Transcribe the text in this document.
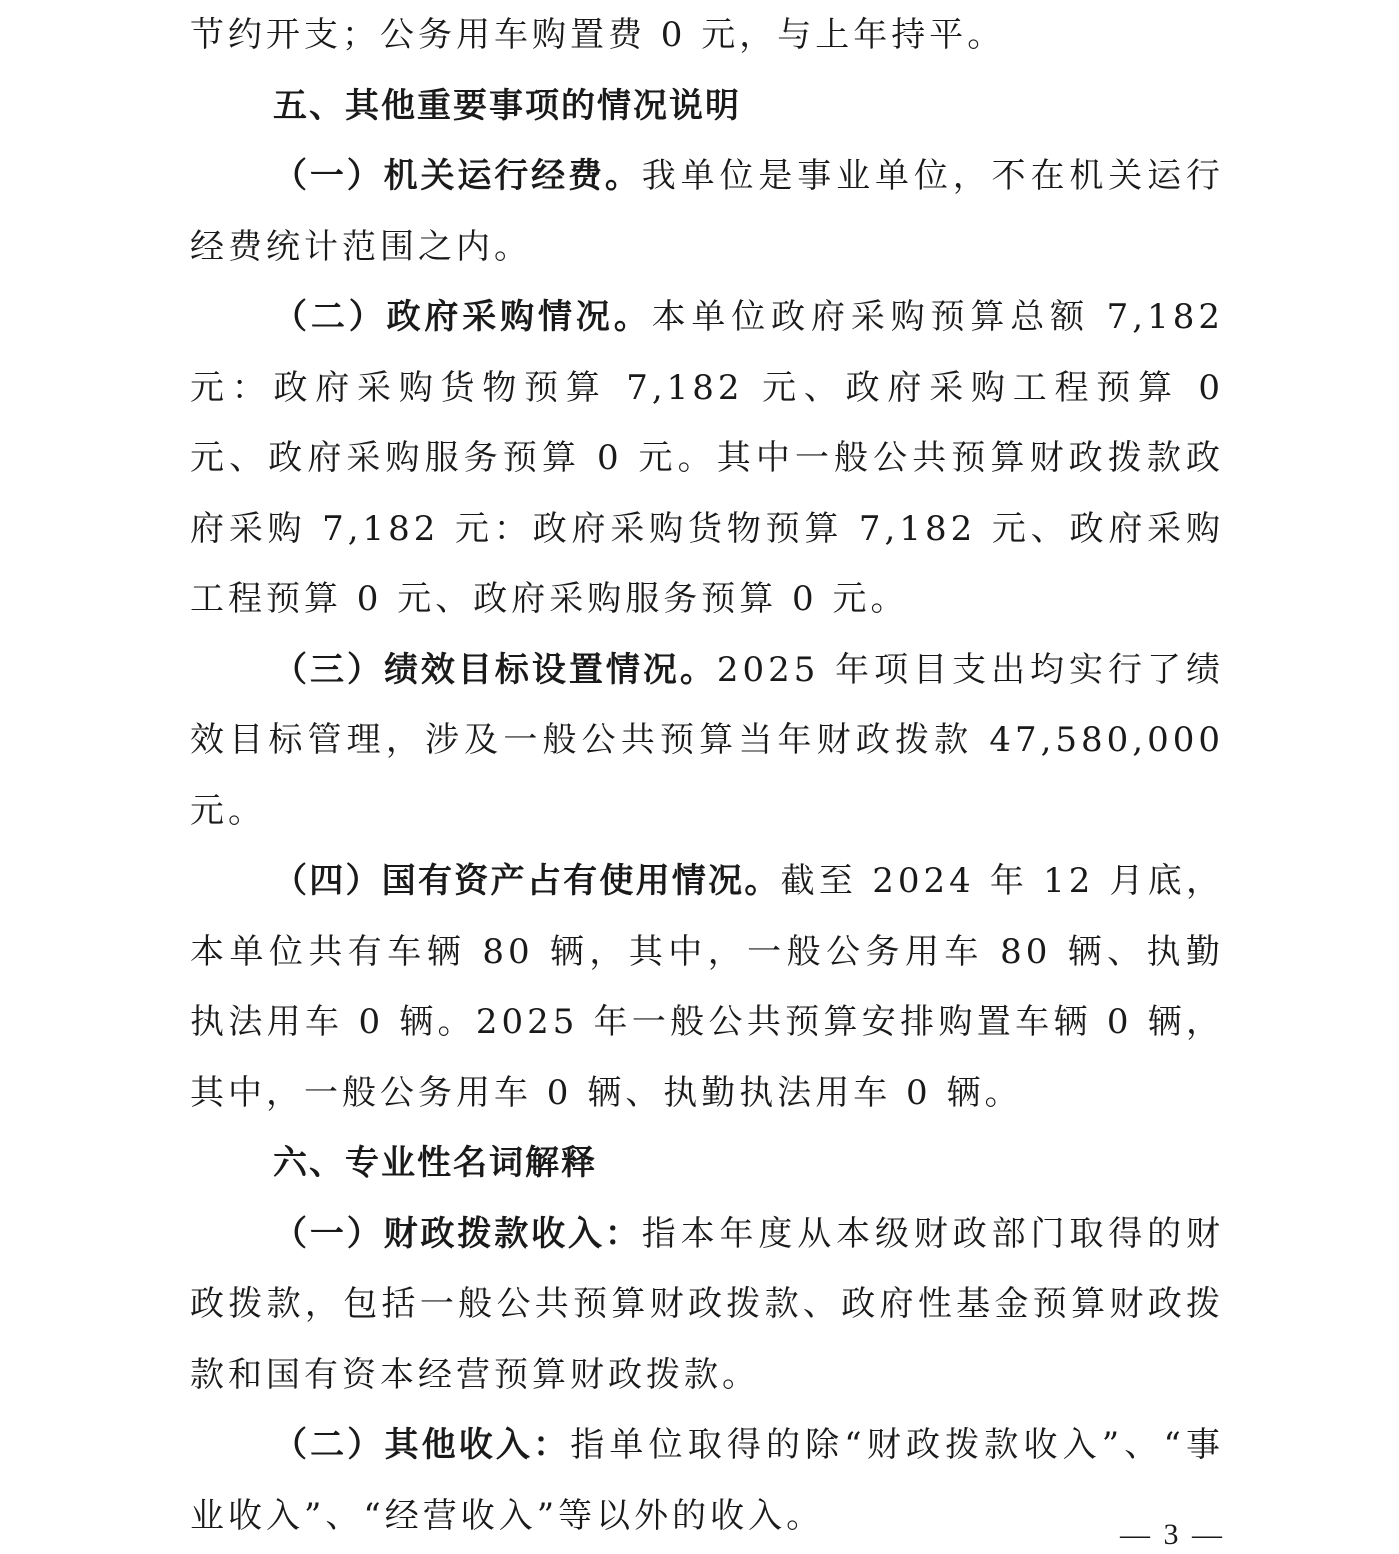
节约开支；公务用车购置费 0 元，与上年持平。

五、其他重要事项的情况说明

（一）机关运行经费。我单位是事业单位，不在机关运行经费统计范围之内。

（二）政府采购情况。本单位政府采购预算总额 7,182 元：政府采购货物预算 7,182 元、政府采购工程预算 0 元、政府采购服务预算 0 元。其中一般公共预算财政拨款政府采购 7,182 元：政府采购货物预算 7,182 元、政府采购工程预算 0 元、政府采购服务预算 0 元。

（三）绩效目标设置情况。2025 年项目支出均实行了绩效目标管理，涉及一般公共预算当年财政拨款 47,580,000 元。

（四）国有资产占有使用情况。截至 2024 年 12 月底，本单位共有车辆 80 辆，其中，一般公务用车 80 辆、执勤执法用车 0 辆。2025 年一般公共预算安排购置车辆 0 辆，其中，一般公务用车 0 辆、执勤执法用车 0 辆。

六、专业性名词解释

（一）财政拨款收入：指本年度从本级财政部门取得的财政拨款，包括一般公共预算财政拨款、政府性基金预算财政拨款和国有资本经营预算财政拨款。

（二）其他收入：指单位取得的除“财政拨款收入”、“事业收入”、“经营收入”等以外的收入。	— 3 —
